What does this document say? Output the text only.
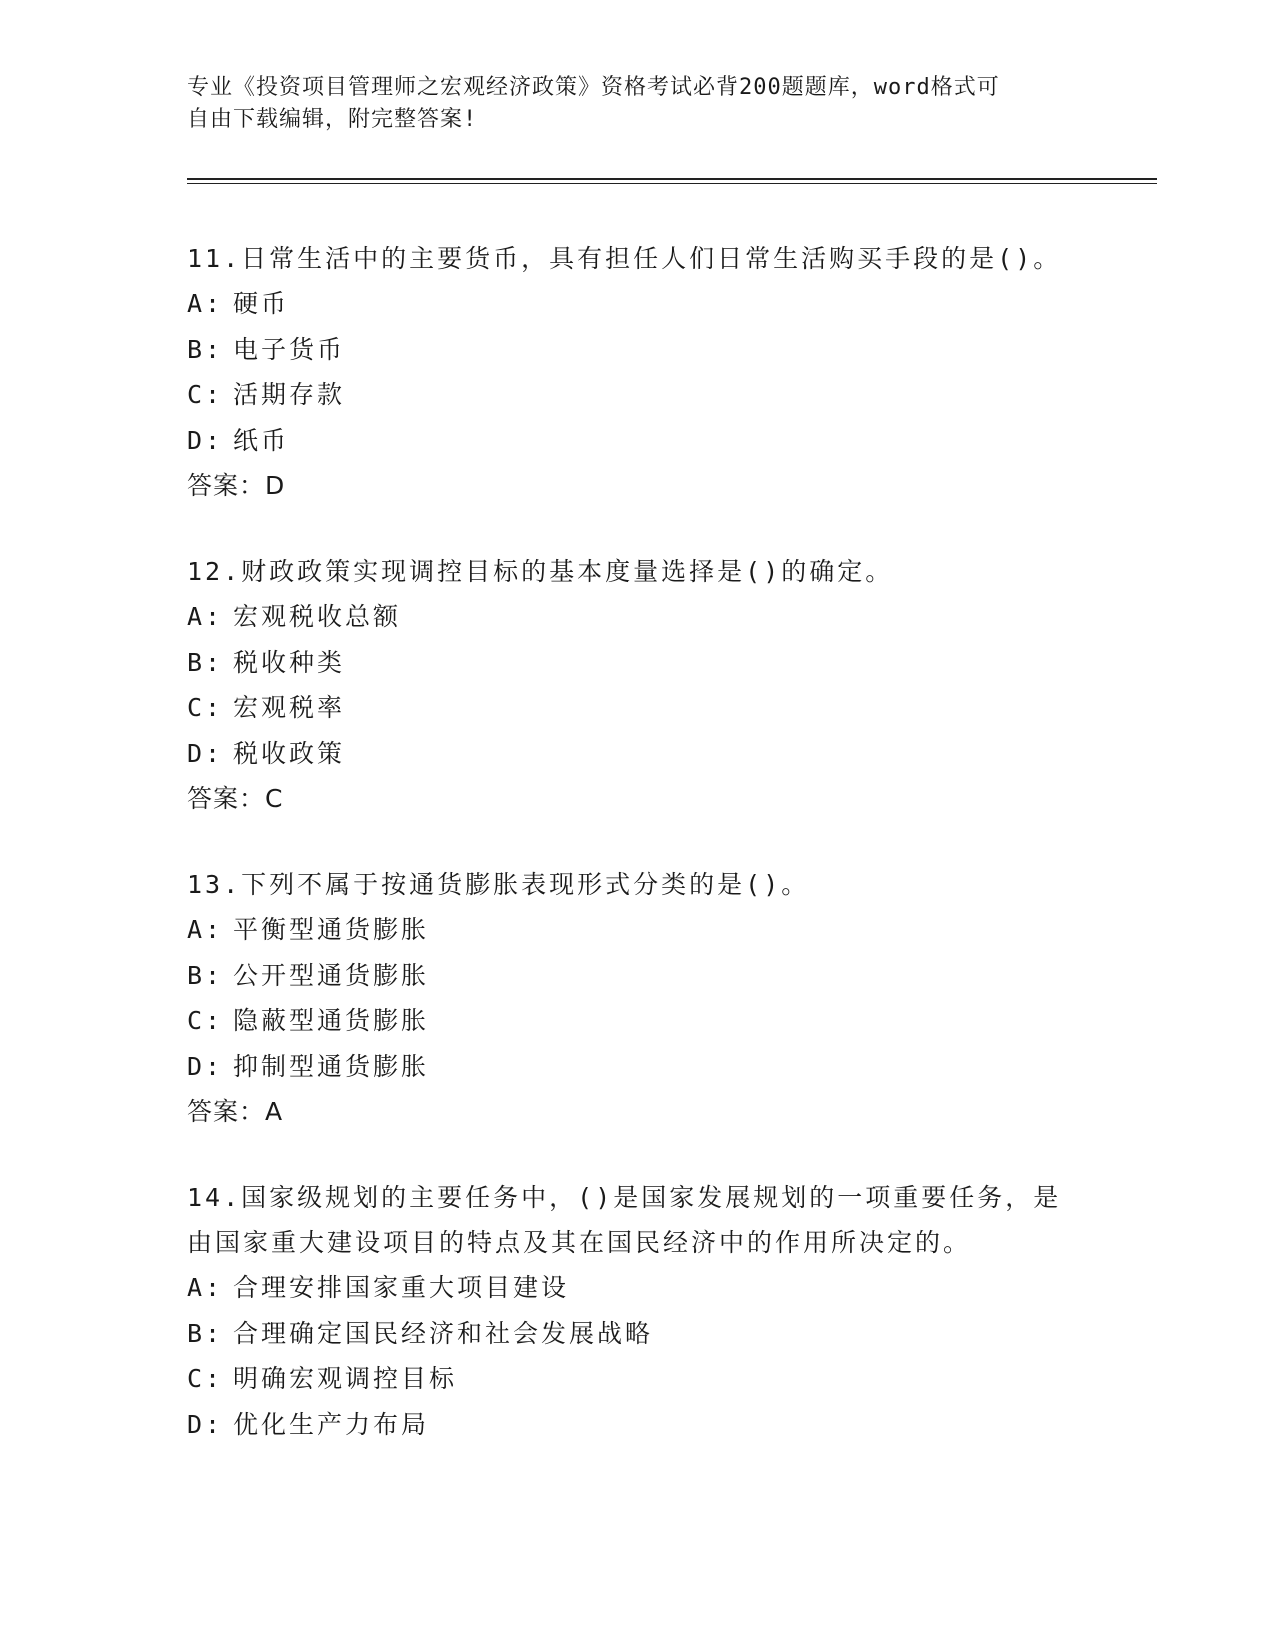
专业《投资项目管理师之宏观经济政策》资格考试必背200题题库，word格式可
自由下载编辑，附完整答案!

11.日常生活中的主要货币，具有担任人们日常生活购买手段的是()。

A: 硬币

B: 电子货币

C: 活期存款

D: 纸币

答案：D

12.财政政策实现调控目标的基本度量选择是()的确定。

A: 宏观税收总额

B: 税收种类

C: 宏观税率

D: 税收政策

答案：C

13.下列不属于按通货膨胀表现形式分类的是()。

A: 平衡型通货膨胀

B: 公开型通货膨胀

C: 隐蔽型通货膨胀

D: 抑制型通货膨胀

答案：A

14.国家级规划的主要任务中，()是国家发展规划的一项重要任务，是

由国家重大建设项目的特点及其在国民经济中的作用所决定的。

A: 合理安排国家重大项目建设

B: 合理确定国民经济和社会发展战略

C: 明确宏观调控目标

D: 优化生产力布局
